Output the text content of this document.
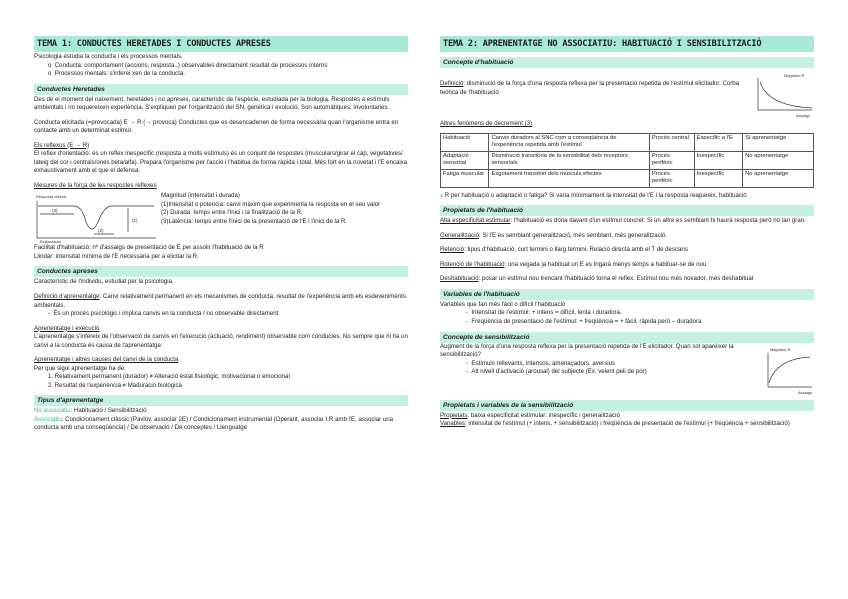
TEMA 1: CONDUCTES HERETADES I CONDUCTES APRESES
Psicologia estudia la conducta i els processos mentals.
o  Conducta: comportament (accions, resposta..) observables directament resultat de processos interns
o  Processos mentals: s'inferei xen de la conducta.
Conductes Heretades
Des de el moment del naixement, heretades i no apreses, característic de l'espècie, estudiada per la biologia. Respostes a estímuls ambientals i no requereixen experiència. S'expliquen per l'organització del SN, genètica i evolució. Son automàtiques, involuntaries.
Conducta elicitada (=provocada) E → R (→ provoca) Conductes que es desencadenen de forma necessària quan l'organisme entra en contacte amb un determinat estímul.
Els reflexos (E → R)
El reflex d'orientació: és un reflex inespecífic (resposta a molts estímuls) és un conjunt de respostes (musculars/girar el cap, vegetatives/ lateig del cor i centrals/ones beta/alfa). Prepara l'organisme per l'acció i l'habitua de forma ràpida i total. Més fort en la novetat i l'E encaixa exhaustivament amb el que el defensa.
Mesures de la força de les respostes reflexes
Resposta reflexa
(3)
(1)
(2)
Estimulador
Magnitud (intensitat i durada)
(1)Intensitat o potencia: canvi màxim que experimenta la resposta en el seu valor
(2) Durada: temps entre l'inici i la finalització de la R.
(3)Latència: temps entre l'inici de la presentació de l'E i l'inici de la R.
Facilitat d'habituació: nº d'assaigs de presentació de E per assolir l'habituació de la R
Llindar: intensitat mínima de l'E necessària per a elicitar la R.
Conductes apreses
Característic de l'individu, estudiat per la psicologia.
Definició d'aprenentatge: Canvi relativament permanent en els mecanismes de conducta, resultat de l'experiència amb els esdeveniments ambientals.
-  És un procés psicològic i implica canvis en la conducta / no observable directament
Aprenentatge i execució
L'aprenentatge s'infereix de l'observació de canvis en l'execució (actuació, rendiment) observable com conductes. No sempre que hi ha un canvi a la conducta és causa de l'aprenentatge.
Aprenentatge i altres causes del canvi de la conducta
Per que sigui aprenentatge ha de:
1. Relativament permanent (durador) ≠ Alteració estat fisiològic, motivacional o emocional
2. Resultat de l'experiència ≠ Maduració biològica
Tipus d'aprenentatge
No associatiu: Habituació / Sensibilització
Associatiu: Condicionament clàssic (Pavlov, associar 2E) / Condicionament instrumental (Operant, associar I.R amb l'E, associar una conducta amb una conseqüència) / De observació / De conceptes / Llenguatge
TEMA 2: APRENENTATGE NO ASSOCIATIU: HABITUACIÓ I SENSIBILITZACIÓ
Concepte d'habituació
Definició: disminució de la força d'una resposta reflexa per la presentació repetida de l'estímul elicitador. Corba teòrica de l'habituació
Magnitud R
Assaigs
Altres fenòmens de decrement (3)
Habituació	Canvis duradors al SNC com a conseqüència de l'experiència repetida amb l'estímul	Procés central	Específic a l'E	Sí aprenentatge
Adaptació sensorial	Disminució transitòria de la sensibilitat dels receptors sensorials	Procés perifèric	Inespecífic	No aprenentatge
Fatiga muscular	Esgotament transitori dels músculs efectes	Procés perifèric	Inespecífic	No aprenentatge
↓ R per habituació o adaptació o fatiga? Si varia mínimament la intensitat de l'E i la resposta reapareix, habituació
Propietats de l'habituació
Alta especificitat estimular: l'habituació es dona davant d'un estímul concret. Si un altre es semblant hi haurà resposta però no tan gran.
Generalització: Si l'E es semblant generalització, més semblant, més generalització.
Retenció: tipus d'habituació, curt termini o llarg termini. Relació directa amb el T de descans
Rotenció de l'habituació: una vegada ja habituat un E es trigarà menys temps a habituar-se de nou
Deshabituació: posar un estímul nou trencant l'habituació torna el reflex. Estímul nou més novador, més deshabituat
Variables de l'habituació
Variables que fan més fàcil o difícil l'habituació
-  Intensitat de l'estímul: + intens = difícil, lenta i duradora.
-  Freqüència de presentació de l'estímul: + freqüència = + fàcil, ràpida però – duradora
Concepte de sensibilització
Augment de la força d'una resposta reflexa per la presentació repetida de l'E elicitador. Quan sol aparèixer la sensibilització?
-  Estímuls rellevants, intensos, amenaçadors, aversius
-  Alt nivell d'activació (arousal) del subjecte (Ex: veient peli de por)
Magnitud R
Assaigs
Propietats i variables de la sensibilització
Propietats: baixa especificitat estimular: inespecífic i generalització
Variables: intensitat de l'estímul (+ intens, + sensibilització) i freqüència de presentació de l'estímul (+ freqüència + sensibilització)
